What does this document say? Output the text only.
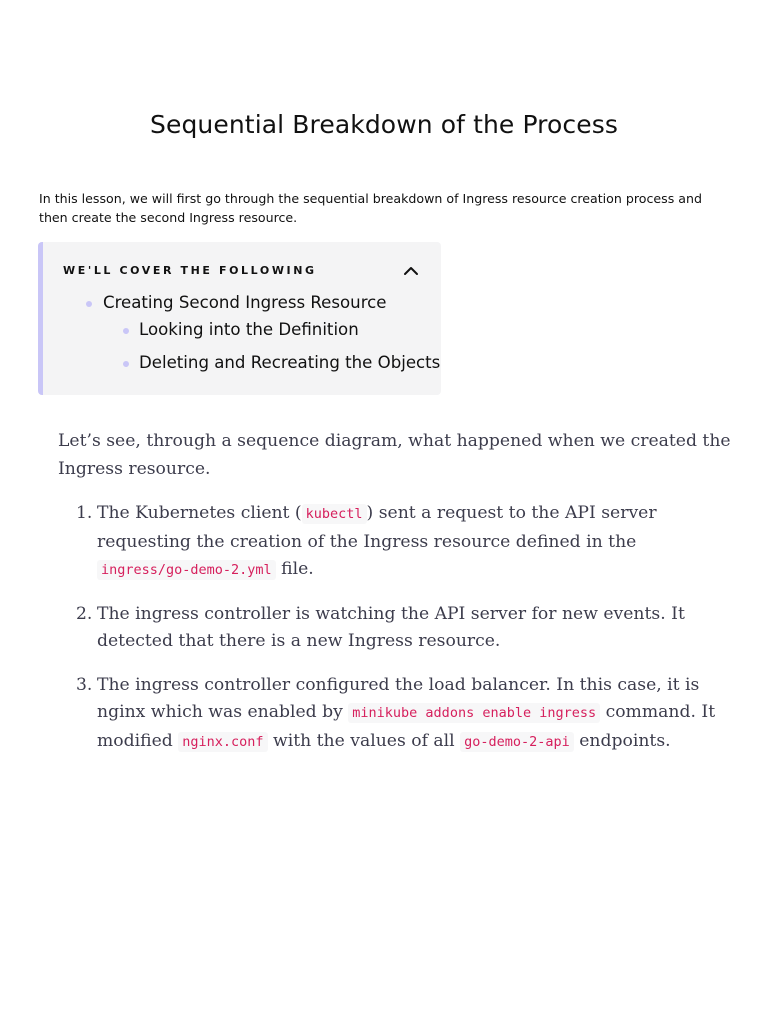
Sequential Breakdown of the Process

In this lesson, we will first go through the sequential breakdown of Ingress resource creation process and then create the second Ingress resource.

WE'LL COVER THE FOLLOWING
Creating Second Ingress Resource
Looking into the Definition
Deleting and Recreating the Objects

Let’s see, through a sequence diagram, what happened when we created the Ingress resource.

1. The Kubernetes client ( kubectl ) sent a request to the API server requesting the creation of the Ingress resource defined in the ingress/go-demo-2.yml file.
2. The ingress controller is watching the API server for new events. It detected that there is a new Ingress resource.
3. The ingress controller configured the load balancer. In this case, it is nginx which was enabled by minikube addons enable ingress command. It modified nginx.conf with the values of all go-demo-2-api endpoints.
